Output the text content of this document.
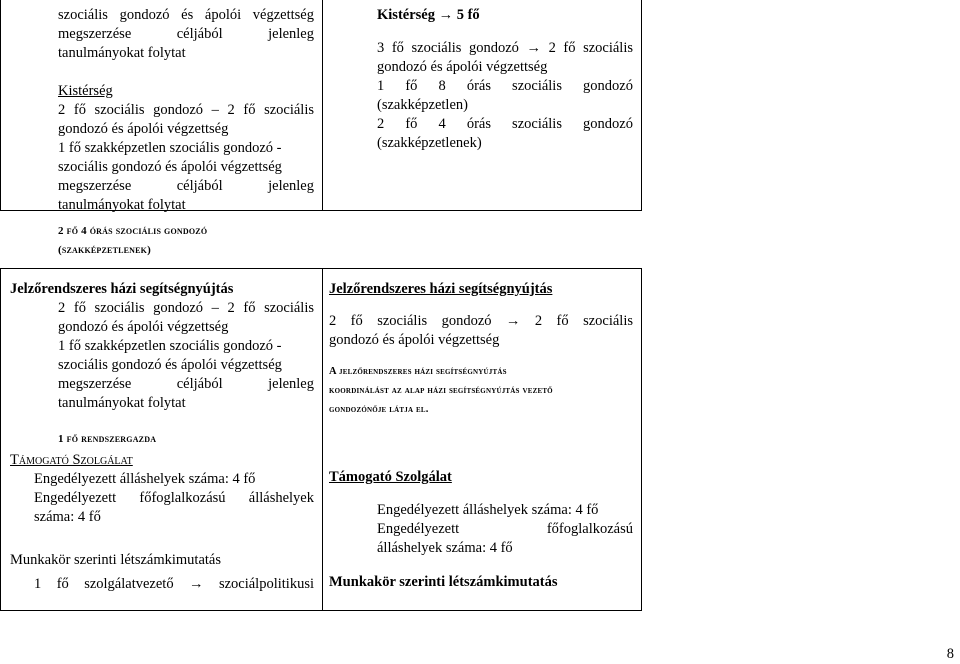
szociális gondozó és ápolói végzettség

megszerzése céljából jelenleg

tanulmányokat folytat

Kistérség

2 fő szociális gondozó – 2 fő szociális

gondozó és ápolói végzettség

1 fő szakképzetlen szociális gondozó -

szociális gondozó és ápolói végzettség

megszerzése céljából jelenleg

tanulmányokat folytat

Kistérség → 5 fő

3 fő szociális gondozó → 2 fő szociális

gondozó és ápolói végzettség

1 fő 8 órás szociális gondozó

(szakképzetlen)

2 fő 4 órás szociális gondozó

(szakképzetlenek)

2 fő 4 órás szociális gondozó

(szakképzetlenek)

Jelzőrendszeres házi segítségnyújtás

2 fő szociális gondozó – 2 fő szociális

gondozó és ápolói végzettség

1 fő szakképzetlen szociális gondozó -

szociális gondozó és ápolói végzettség

megszerzése céljából jelenleg

tanulmányokat folytat

1 fő rendszergazda

Jelzőrendszeres házi segítségnyújtás

2 fő szociális gondozó → 2 fő szociális

gondozó és ápolói végzettség

A jelzőrendszeres házi segítségnyújtás

koordinálást az alap házi segítségnyújtás vezető

gondozónője látja el.

Támogató Szolgálat

Engedélyezett álláshelyek száma: 4 fő

Engedélyezett főfoglalkozású álláshelyek

száma: 4 fő

Munkakör szerinti létszámkimutatás

1 fő szolgálatvezető → szociálpolitikusi

Támogató Szolgálat

Engedélyezett álláshelyek száma: 4 fő

Engedélyezett főfoglalkozású

álláshelyek száma: 4 fő

Munkakör szerinti létszámkimutatás

8
